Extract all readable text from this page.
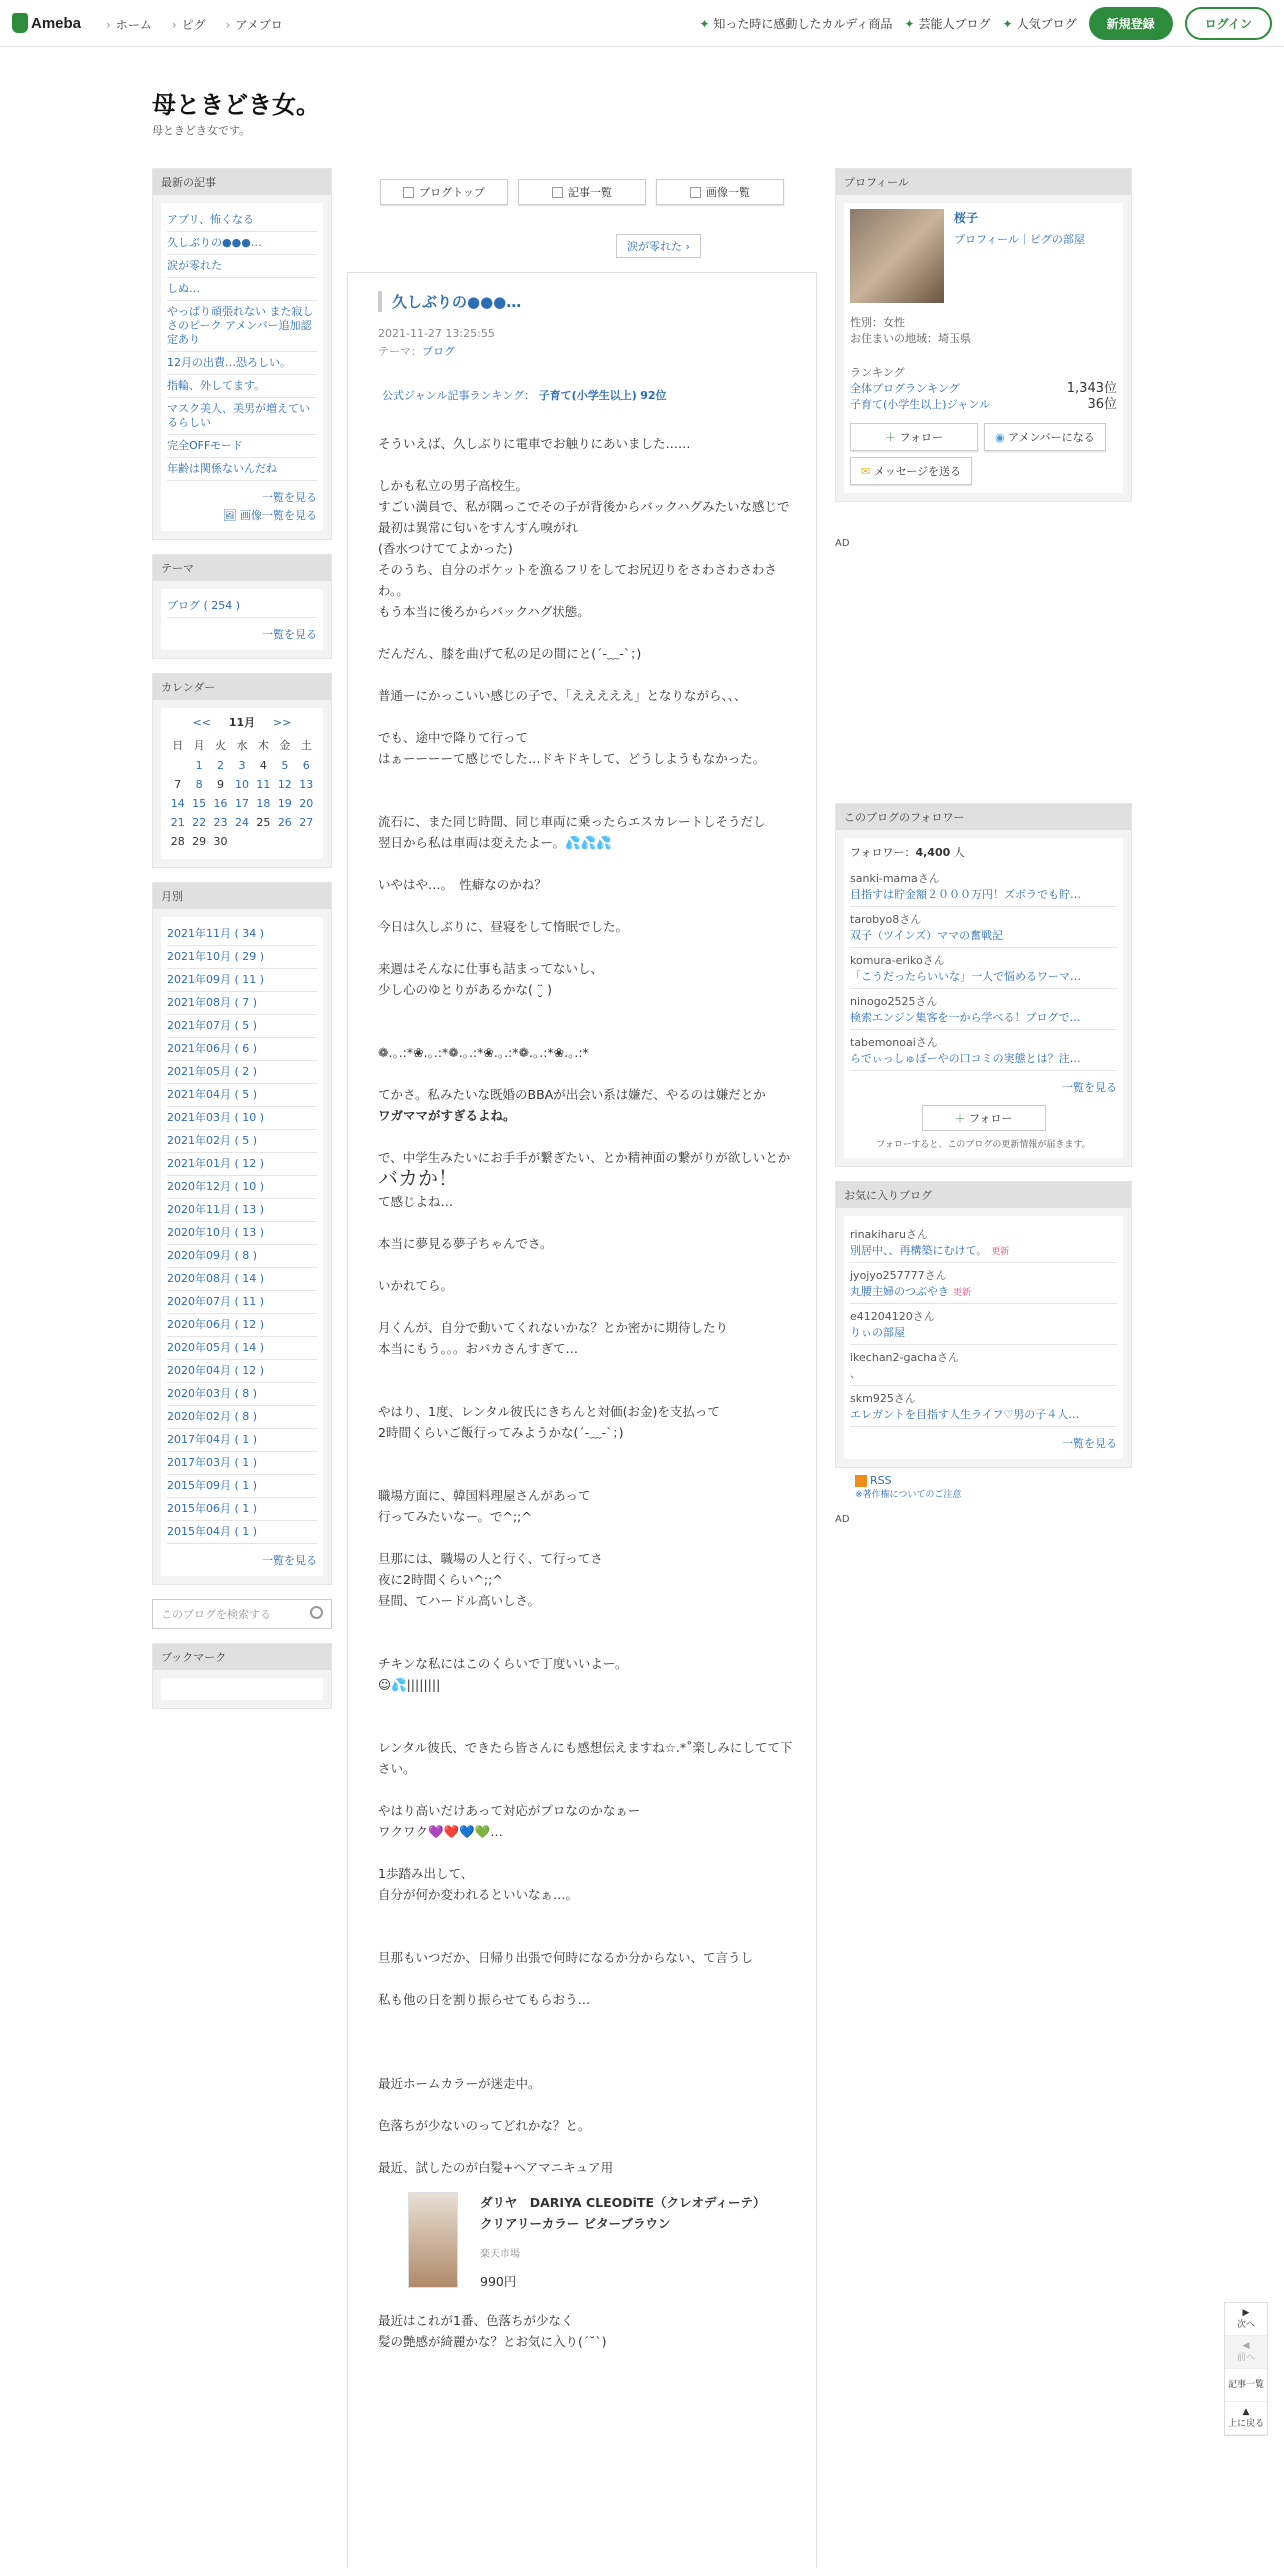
Ameba	› ホーム	› ピグ	› アメブロ	✦ 知った時に感動したカルディ商品	✦ 芸能人ブログ	✦ 人気ブログ	新規登録	ログイン
母ときどき女。
母ときどき女です。
最新の記事
アプリ、怖くなる
久しぶりの●●●…
涙が零れた
しぬ…
やっぱり頑張れない また寂しさのピーク アメンバー追加認定あり
12月の出費…恐ろしい。
指輪、外してます。
マスク美人、美男が増えているらしい
完全OFFモード
年齢は関係ないんだね
一覧を見る
🖼 画像一覧を見る
テーマ
ブログ ( 254 )
一覧を見る
カレンダー
<< 11月 >>
日	月	火	水	木	金	土
	1	2	3	4	5	6
7	8	9	10	11	12	13
14	15	16	17	18	19	20
21	22	23	24	25	26	27
28	29	30				
月別
2021年11月 ( 34 )
2021年10月 ( 29 )
2021年09月 ( 11 )
2021年08月 ( 7 )
2021年07月 ( 5 )
2021年06月 ( 6 )
2021年05月 ( 2 )
2021年04月 ( 5 )
2021年03月 ( 10 )
2021年02月 ( 5 )
2021年01月 ( 12 )
2020年12月 ( 10 )
2020年11月 ( 13 )
2020年10月 ( 13 )
2020年09月 ( 8 )
2020年08月 ( 14 )
2020年07月 ( 11 )
2020年06月 ( 12 )
2020年05月 ( 14 )
2020年04月 ( 12 )
2020年03月 ( 8 )
2020年02月 ( 8 )
2017年04月 ( 1 )
2017年03月 ( 1 )
2015年09月 ( 1 )
2015年06月 ( 1 )
2015年04月 ( 1 )
一覧を見る
このブログを検索する
ブックマーク
ブログトップ	記事一覧	画像一覧
涙が零れた ›
久しぶりの●●●…
2021-11-27 13:25:55
テーマ：ブログ
公式ジャンル記事ランキング： 子育て(小学生以上) 92位

そういえば、久しぶりに電車でお触りにあいました……

しかも私立の男子高校生。

すごい満員で、私が隅っこでその子が背後からバックハグみたいな感じで

最初は異常に匂いをすんすん嗅がれ

(香水つけててよかった)

そのうち、自分のポケットを漁るフリをしてお尻辺りをさわさわさわさわ。。

もう本当に後ろからバックハグ状態。

だんだん、膝を曲げて私の足の間にと(´-﹏-`；)

普通ーにかっこいい感じの子で、「えええええ」となりながら、、、

でも、途中で降りて行って

はぁーーーーて感じでした…ドキドキして、どうしようもなかった。

流石に、また同じ時間、同じ車両に乗ったらエスカレートしそうだし

翌日から私は車両は変えたよー。💦💦💦

いやはや…。　性癖なのかね？

今日は久しぶりに、昼寝をして惰眠でした。

来週はそんなに仕事も詰まってないし、

少し心のゆとりがあるかな( ¨̮ )

❁.｡.:*❀.｡.:*❁.｡.:*❀.｡.:*❁.｡.:*❀.｡.:*

てかさ。私みたいな既婚のBBAが出会い系は嫌だ、やるのは嫌だとか

ワガママがすぎるよね。

で、中学生みたいにお手手が繋ぎたい、とか精神面の繋がりが欲しいとかバカか！

て感じよね…

本当に夢見る夢子ちゃんでさ。

いかれてら。

月くんが、自分で動いてくれないかな？とか密かに期待したり

本当にもう。。。おバカさんすぎて…

やはり、1度、レンタル彼氏にきちんと対価(お金)を支払って

2時間くらいご飯行ってみようかな(´-﹏-`；)

職場方面に、韓国料理屋さんがあって

行ってみたいなー。で^;;^

旦那には、職場の人と行く、て行ってさ

夜に2時間くらい^;;^

昼間、てハードル高いしさ。

チキンな私にはこのくらいで丁度いいよー。

☺︎💦||||||||

レンタル彼氏、できたら皆さんにも感想伝えますね☆.*˚楽しみにしてて下さい。

やはり高いだけあって対応がプロなのかなぁー

ワクワク💜❤️💙💚…

1歩踏み出して、

自分が何か変われるといいなぁ…。

旦那もいつだか、日帰り出張で何時になるか分からない、て言うし

私も他の日を割り振らせてもらおう…

最近ホームカラーが迷走中。

色落ちが少ないのってどれかな？と。

最近、試したのが白髪+ヘアマニキュア用

ダリヤ　DARIYA CLEODiTE（クレオディーテ）クリアリーカラー ビターブラウン
楽天市場
990円

最近はこれが1番、色落ちが少なく

髪の艶感が綺麗かな？とお気に入り(´˘`)

プロフィール
桜子
プロフィール｜ピグの部屋
性別：女性
お住まいの地域：埼玉県
ランキング
全体ブログランキング	1,343位
子育て(小学生以上)ジャンル	36位
＋ フォロー	◉ アメンバーになる
✉ メッセージを送る
AD
このブログのフォロワー
フォロワー：4,400 人
sanki-mamaさん
目指すは貯金額２０００万円！ズボラでも貯…
tarobyo8さん
双子（ツインズ）ママの奮戦記
komura-erikoさん
「こうだったらいいな」一人で悩めるワーマ…
ninogo2525さん
検索エンジン集客を一から学べる！ブログで…
tabemonoaiさん
らでぃっしゅぼーやの口コミの実態とは？注…
一覧を見る
＋ フォロー
フォローすると、このブログの更新情報が届きます。
お気に入りブログ
rinakiharuさん
別居中、、再構築にむけて。 更新
jyojyo257777さん
丸腰主婦のつぶやき 更新
e41204120さん
りぃの部屋
ikechan2-gachaさん
、
skm925さん
エレガントを目指す人生ライフ♡男の子４人…
一覧を見る
RSS
※著作権についてのご注意
AD
▶
次へ
◀
前へ
記事一覧
▲
上に戻る
